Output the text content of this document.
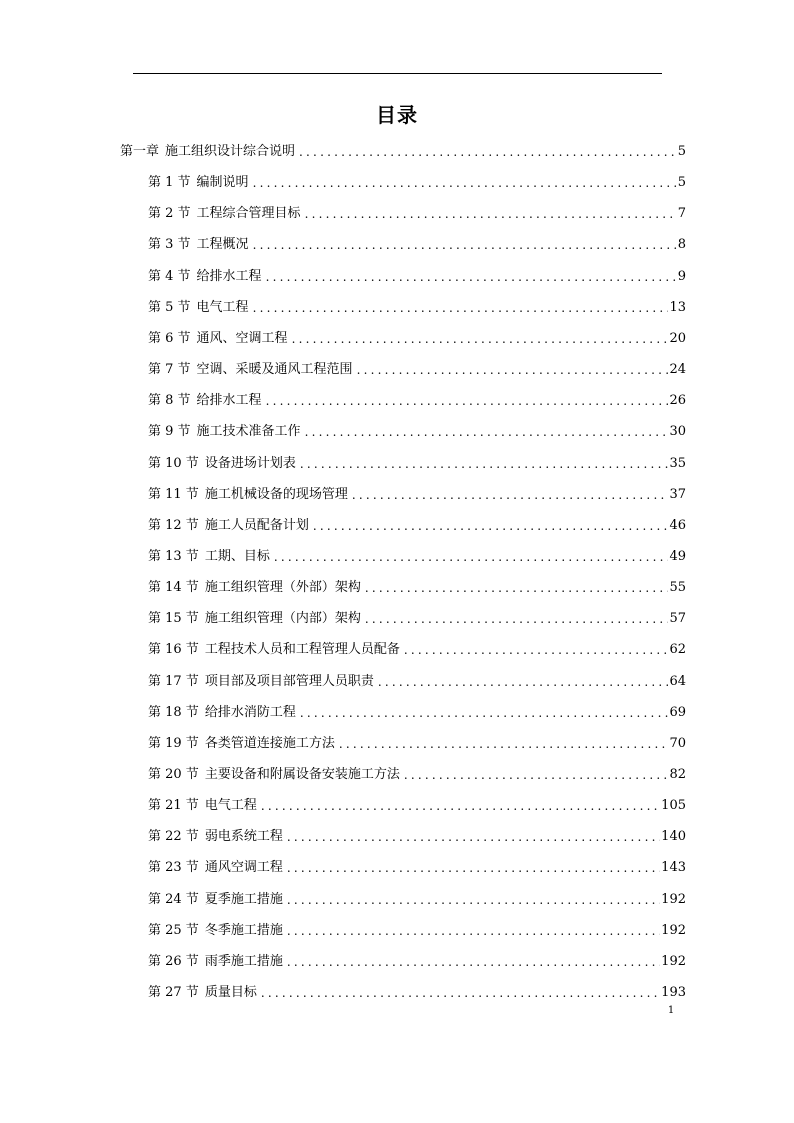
目录
第一章 施工组织设计综合说明 .....	5
第 1 节 编制说明 .....	5
第 2 节 工程综合管理目标 .....	7
第 3 节 工程概况 .....	8
第 4 节 给排水工程 .....	9
第 5 节 电气工程 .....	13
第 6 节 通风、空调工程 .....	20
第 7 节 空调、采暖及通风工程范围 .....	24
第 8 节 给排水工程 .....	26
第 9 节 施工技术准备工作 .....	30
第 10 节 设备进场计划表 .....	35
第 11 节 施工机械设备的现场管理 .....	37
第 12 节 施工人员配备计划 .....	46
第 13 节 工期、目标 .....	49
第 14 节 施工组织管理（外部）架构 .....	55
第 15 节 施工组织管理（内部）架构 .....	57
第 16 节 工程技术人员和工程管理人员配备 .....	62
第 17 节 项目部及项目部管理人员职责 .....	64
第 18 节 给排水消防工程 .....	69
第 19 节 各类管道连接施工方法 .....	70
第 20 节 主要设备和附属设备安装施工方法 .....	82
第 21 节 电气工程 .....	105
第 22 节 弱电系统工程 .....	140
第 23 节 通风空调工程 .....	143
第 24 节 夏季施工措施 .....	192
第 25 节 冬季施工措施 .....	192
第 26 节 雨季施工措施 .....	192
第 27 节 质量目标 .....	193
1
